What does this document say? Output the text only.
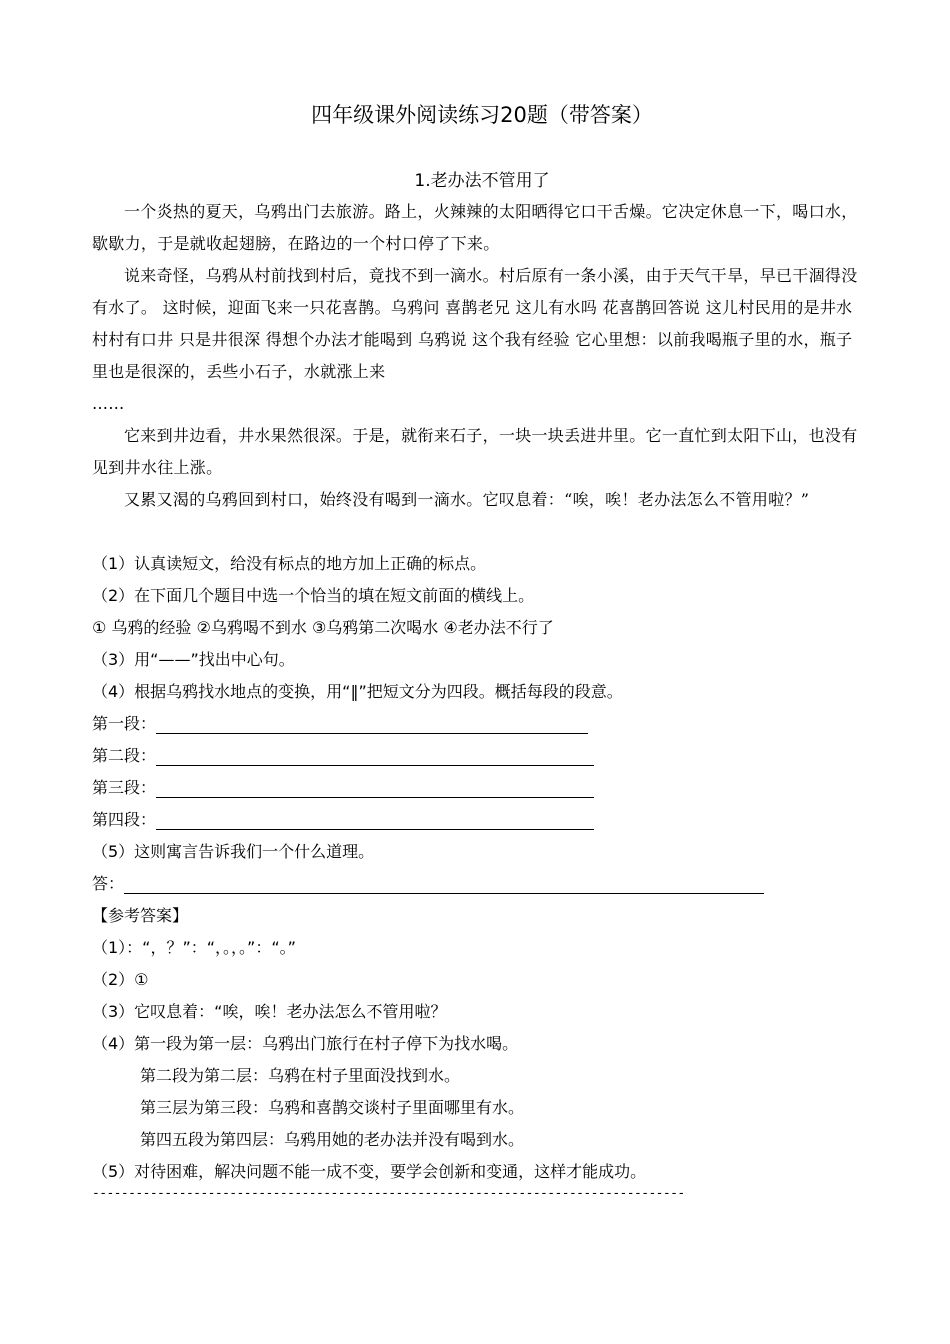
四年级课外阅读练习20题（带答案）
1.老办法不管用了

一个炎热的夏天，乌鸦出门去旅游。路上，火辣辣的太阳晒得它口干舌燥。它决定休息一下，喝口水，歇歇力，于是就收起翅膀，在路边的一个村口停了下来。

说来奇怪，乌鸦从村前找到村后，竟找不到一滴水。村后原有一条小溪，由于天气干旱，早已干涸得没有水了。 这时候，迎面飞来一只花喜鹊。乌鸦问 喜鹊老兄 这儿有水吗 花喜鹊回答说 这儿村民用的是井水 村村有口井 只是井很深 得想个办法才能喝到 乌鸦说 这个我有经验 它心里想：以前我喝瓶子里的水，瓶子里也是很深的，丢些小石子，水就涨上来

……

它来到井边看，井水果然很深。于是，就衔来石子，一块一块丢进井里。它一直忙到太阳下山，也没有见到井水往上涨。

又累又渴的乌鸦回到村口，始终没有喝到一滴水。它叹息着：“唉，唉！老办法怎么不管用啦？”

（1）认真读短文，给没有标点的地方加上正确的标点。
（2）在下面几个题目中选一个恰当的填在短文前面的横线上。
① 乌鸦的经验 ②乌鸦喝不到水 ③乌鸦第二次喝水 ④老办法不行了
（3）用“——”找出中心句。
（4）根据乌鸦找水地点的变换，用“‖”把短文分为四段。概括每段的段意。
第一段：
第二段：
第三段：
第四段：
（5）这则寓言告诉我们一个什么道理。
答：
【参考答案】
（1）：“，？”：“，。，。”：“。”
（2）①
（3）它叹息着：“唉，唉！老办法怎么不管用啦？
（4）第一段为第一层：乌鸦出门旅行在村子停下为找水喝。
第二段为第二层：乌鸦在村子里面没找到水。
第三层为第三段：乌鸦和喜鹊交谈村子里面哪里有水。
第四五段为第四层：乌鸦用她的老办法并没有喝到水。
（5）对待困难，解决问题不能一成不变，要学会创新和变通，这样才能成功。
----------------------------------------------------------------------------------
